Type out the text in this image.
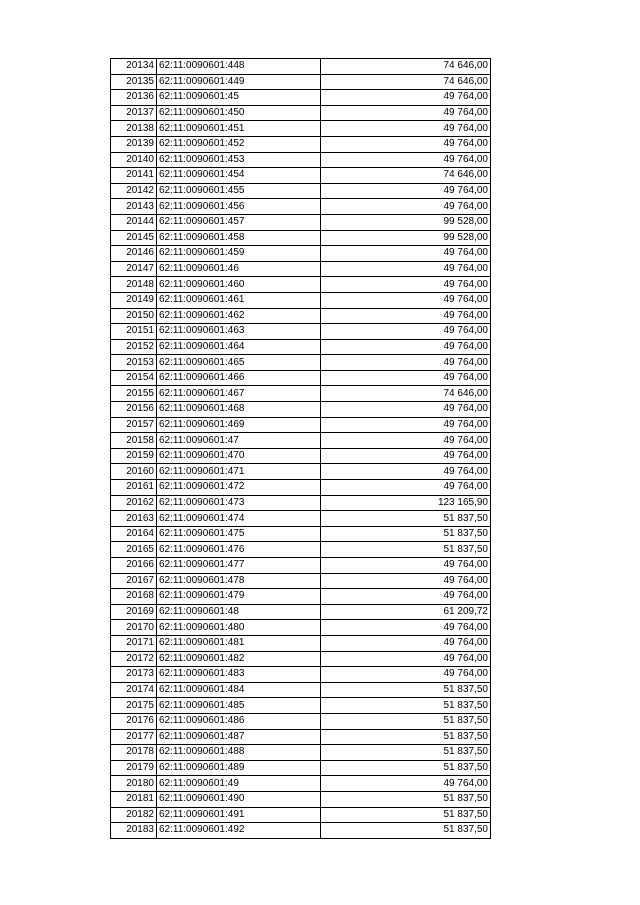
20134	62:11:0090601:448	74 646,00
20135	62:11:0090601:449	74 646,00
20136	62:11:0090601:45	49 764,00
20137	62:11:0090601:450	49 764,00
20138	62:11:0090601:451	49 764,00
20139	62:11:0090601:452	49 764,00
20140	62:11:0090601:453	49 764,00
20141	62:11:0090601:454	74 646,00
20142	62:11:0090601:455	49 764,00
20143	62:11:0090601:456	49 764,00
20144	62:11:0090601:457	99 528,00
20145	62:11:0090601:458	99 528,00
20146	62:11:0090601:459	49 764,00
20147	62:11:0090601:46	49 764,00
20148	62:11:0090601:460	49 764,00
20149	62:11:0090601:461	49 764,00
20150	62:11:0090601:462	49 764,00
20151	62:11:0090601:463	49 764,00
20152	62:11:0090601:464	49 764,00
20153	62:11:0090601:465	49 764,00
20154	62:11:0090601:466	49 764,00
20155	62:11:0090601:467	74 646,00
20156	62:11:0090601:468	49 764,00
20157	62:11:0090601:469	49 764,00
20158	62:11:0090601:47	49 764,00
20159	62:11:0090601:470	49 764,00
20160	62:11:0090601:471	49 764,00
20161	62:11:0090601:472	49 764,00
20162	62:11:0090601:473	123 165,90
20163	62:11:0090601:474	51 837,50
20164	62:11:0090601:475	51 837,50
20165	62:11:0090601:476	51 837,50
20166	62:11:0090601:477	49 764,00
20167	62:11:0090601:478	49 764,00
20168	62:11:0090601:479	49 764,00
20169	62:11:0090601:48	61 209,72
20170	62:11:0090601:480	49 764,00
20171	62:11:0090601:481	49 764,00
20172	62:11:0090601:482	49 764,00
20173	62:11:0090601:483	49 764,00
20174	62:11:0090601:484	51 837,50
20175	62:11:0090601:485	51 837,50
20176	62:11:0090601:486	51 837,50
20177	62:11:0090601:487	51 837,50
20178	62:11:0090601:488	51 837,50
20179	62:11:0090601:489	51 837,50
20180	62:11:0090601:49	49 764,00
20181	62:11:0090601:490	51 837,50
20182	62:11:0090601:491	51 837,50
20183	62:11:0090601:492	51 837,50
